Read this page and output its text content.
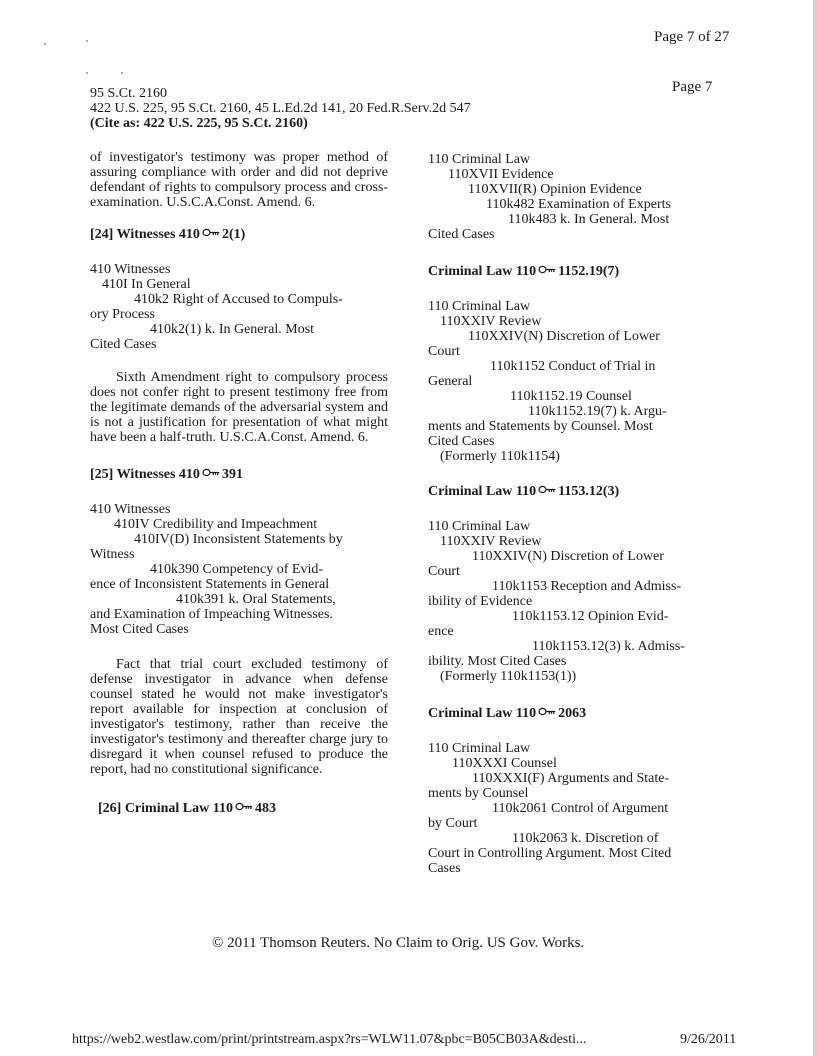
Page 7 of 27
95 S.Ct. 2160
422 U.S. 225, 95 S.Ct. 2160, 45 L.Ed.2d 141, 20 Fed.R.Serv.2d 547
(Cite as: 422 U.S. 225, 95 S.Ct. 2160)
Page 7

of investigator's testimony was proper method of assuring compliance with order and did not deprive defendant of rights to compulsory process and cross-examination. U.S.C.A.Const. Amend. 6.

[24] Witnesses 410 2(1)

410 Witnesses
410I In General
410k2 Right of Accused to Compuls-
ory Process
410k2(1) k. In General. Most
Cited Cases

Sixth Amendment right to compulsory process does not confer right to present testimony free from the legitimate demands of the adversarial system and is not a justification for presentation of what might have been a half-truth. U.S.C.A.Const. Amend. 6.

[25] Witnesses 410 391

410 Witnesses
410IV Credibility and Impeachment
410IV(D) Inconsistent Statements by
Witness
410k390 Competency of Evid-
ence of Inconsistent Statements in General
410k391 k. Oral Statements,
and Examination of Impeaching Witnesses.
Most Cited Cases

Fact that trial court excluded testimony of defense investigator in advance when defense counsel stated he would not make investigator's report available for inspection at conclusion of investigator's testimony, rather than receive the investigator's testimony and thereafter charge jury to disregard it when counsel refused to produce the report, had no constitutional significance.

[26] Criminal Law 110 483

110 Criminal Law
110XVII Evidence
110XVII(R) Opinion Evidence
110k482 Examination of Experts
110k483 k. In General. Most
Cited Cases

Criminal Law 110 1152.19(7)

110 Criminal Law
110XXIV Review
110XXIV(N) Discretion of Lower
Court
110k1152 Conduct of Trial in
General
110k1152.19 Counsel
110k1152.19(7) k. Argu-
ments and Statements by Counsel. Most
Cited Cases
(Formerly 110k1154)

Criminal Law 110 1153.12(3)

110 Criminal Law
110XXIV Review
110XXIV(N) Discretion of Lower
Court
110k1153 Reception and Admiss-
ibility of Evidence
110k1153.12 Opinion Evid-
ence
110k1153.12(3) k. Admiss-
ibility. Most Cited Cases
(Formerly 110k1153(1))

Criminal Law 110 2063

110 Criminal Law
110XXXI Counsel
110XXXI(F) Arguments and State-
ments by Counsel
110k2061 Control of Argument
by Court
110k2063 k. Discretion of
Court in Controlling Argument. Most Cited
Cases
© 2011 Thomson Reuters. No Claim to Orig. US Gov. Works.
https://web2.westlaw.com/print/printstream.aspx?rs=WLW11.07&pbc=B05CB03A&desti...	9/26/2011
